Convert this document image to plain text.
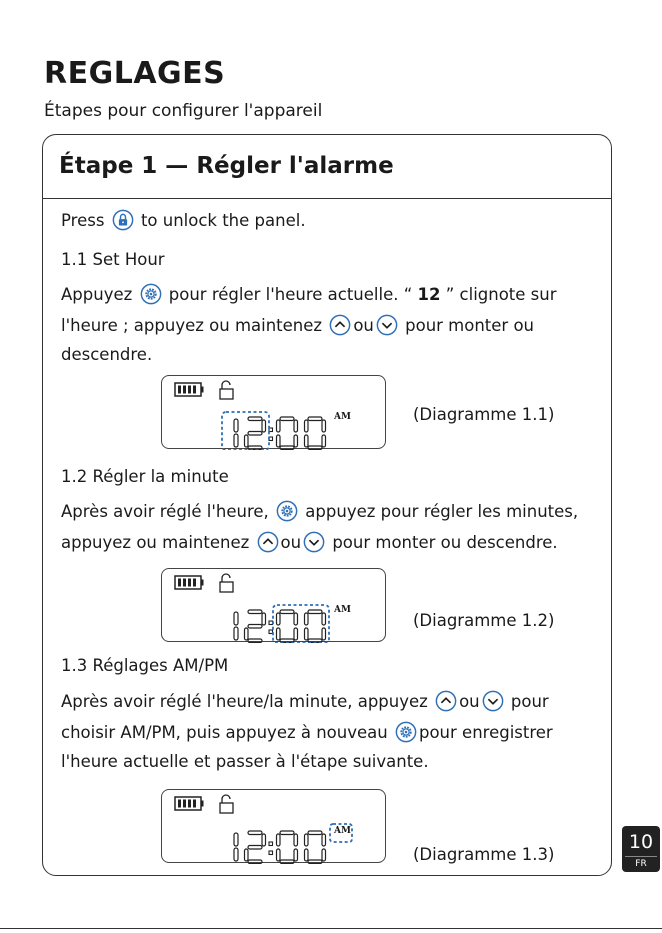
REGLAGES
Étapes pour configurer l'appareil
Étape 1 — Régler l'alarme
Press to unlock the panel.
1.1 Set Hour
Appuyez pour régler l'heure actuelle. “ 12 ” clignote sur
l'heure ; appuyez ou maintenez ou pour monter ou
descendre.
AM	(Diagramme 1.1)
1.2 Régler la minute
Après avoir réglé l'heure, appuyez pour régler les minutes,
appuyez ou maintenez ou pour monter ou descendre.
AM
(Diagramme 1.2)
1.3 Réglages AM/PM
Après avoir réglé l'heure/la minute, appuyez ou pour
choisir AM/PM, puis appuyez à nouveau pour enregistrer
l'heure actuelle et passer à l'étape suivante.
AM
(Diagramme 1.3)
10
FR
